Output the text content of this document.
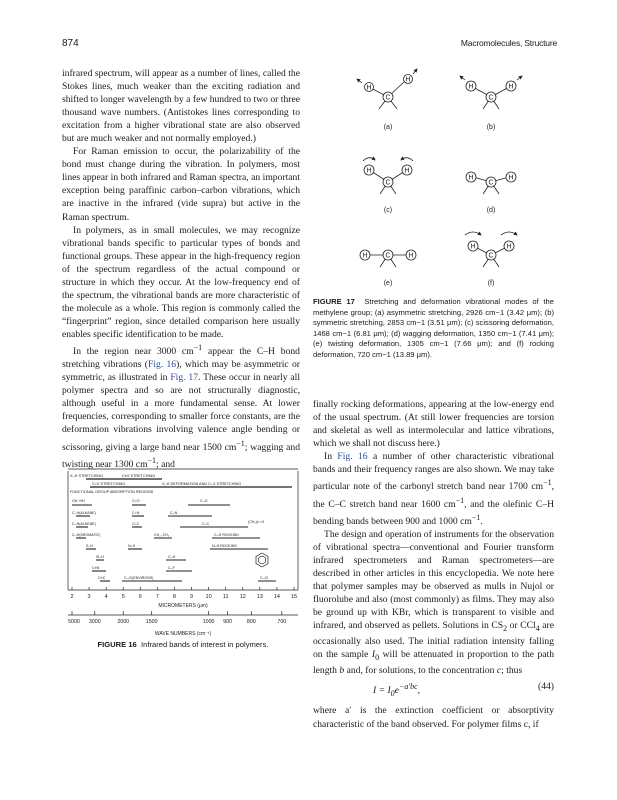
874	Macromolecules, Structure

infrared spectrum, will appear as a number of lines, called the Stokes lines, much weaker than the exciting radiation and shifted to longer wavelength by a few hundred to two or three thousand wave numbers. (Antistokes lines corresponding to excitation from a higher vibrational state are also observed but are much weaker and not normally employed.)

For Raman emission to occur, the polarizability of the bond must change during the vibration. In polymers, most lines appear in both infrared and Raman spectra, an important exception being paraffinic carbon–carbon vibrations, which are inactive in the infrared (vide supra) but active in the Raman spectrum.

In polymers, as in small molecules, we may recognize vibrational bands specific to particular types of bonds and functional groups. These appear in the high-frequency region of the spectrum regardless of the actual compound or structure in which they occur. At the low-frequency end of the spectrum, the vibrational bands are more characteristic of the molecule as a whole. This region is commonly called the “fingerprint” region, since detailed comparison here usually enables specific identification to be made.

In the region near 3000 $cm^{-1}$ appear the C–H bond stretching vibrations (Fig. 16), which may be asymmetric or symmetric, as illustrated in Fig. 17. These occur in nearly all polymer spectra and so are not structurally diagnostic, although useful in a more fundamental sense. At lower frequencies, corresponding to smaller force constants, are the deformation vibrations involving valence angle bending or scissoring, giving a large band near 1500 $cm^{-1}$; wagging and twisting near 1300 $cm^{-1}$; and

C	C
C	C
C	C
H
H
H	H
H	H
H	H
H	H
H	H
(a)	(b)
(c)	(d)
(e)	(f)
FIGURE 17 Stretching and deformation vibrational modes of the methylene group; (a) asymmetric stretching, 2926 cm−1 (3.42 μm); (b) symmetric stretching, 2853 cm−1 (3.51 μm); (c) scissoring deformation, 1468 cm−1 (6.81 μm); (d) wagging deformation, 1350 cm−1 (7.41 μm); (e) twisting deformation, 1305 cm−1 (7.66 μm); and (f) rocking deformation, 720 cm−1 (13.89 μm).

finally rocking deformations, appearing at the low-energy end of the usual spectrum. (At still lower frequencies are torsion and skeletal as well as intermolecular and lattice vibrations, which we shall not discuss here.)

In Fig. 16 a number of other characteristic vibrational bands and their frequency ranges are also shown. We may take particular note of the carbonyl stretch band near 1700 $cm^{-1}$, the C–C stretch band near 1600 $cm^{-1}$, and the olefinic C–H bending bands between 900 and 1000 $cm^{-1}$.

The design and operation of instruments for the observation of vibrational spectra—conventional and Fourier transform infrared spectrometers and Raman spectrometers—are described in other articles in this encyclopedia. We note here that polymer samples may be observed as mulls in Nujol or fluorolube and also (most commonly) as films. They may also be ground up with KBr, which is transparent to visible and infrared, and observed as pellets. Solutions in $CS_2$ or CCl$_4$ are occasionally also used. The initial radiation intensity falling on the sample $I_0$ will be attenuated in proportion to the path length b and, for solutions, to the concentration c; thus

$I = I_0e^{-a'bc}$,	(44)

where a′ is the extinction coefficient or absorptivity characteristic of the band observed. For polymer films c, if

X–H STRETCHING	C≡X STRETCHING
C=X STRETCHING	X–H DEFORMATION AND C–X STRETCHING
FUNCTIONAL GROUP ABSORPTION REGIONS
OH, NH
C–H(ALKANE)
C–H(ALKENE)
C–H(AROMATIC)
S–H
Si–H
C≡N
C≡C
C=O
C=N
C=C
CH₂, CH₃
N–H
C–N
C–C
C–O
(CH₂)n >3
C–H ROCKING
N–H ROCKING
C–H
C–F
C–CI(ENVIRONS)	C–CI
2	3	4	5	6	7	8	9 10 11 12 13 14 15
5000 3000	2000	1500	1000 900	800	700
MICROMETERS (μm)
WAVE NUMBERS (cm⁻¹)
FIGURE 16 Infrared bands of interest in polymers.
